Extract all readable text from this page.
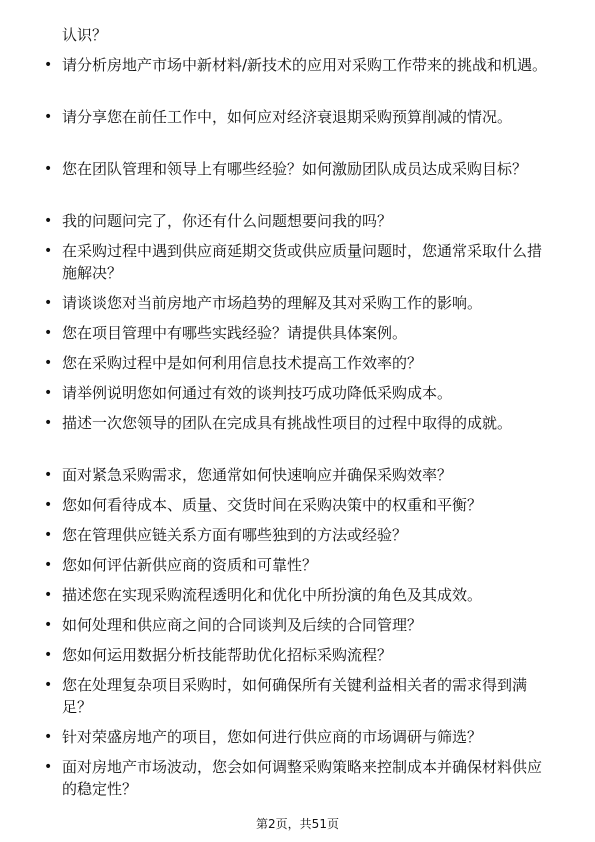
认识？

• 请分析房地产市场中新材料/新技术的应用对采购工作带来的挑战和机遇。
• 请分享您在前任工作中，如何应对经济衰退期采购预算削减的情况。
• 您在团队管理和领导上有哪些经验？如何激励团队成员达成采购目标？
• 我的问题问完了，你还有什么问题想要问我的吗？
• 在采购过程中遇到供应商延期交货或供应质量问题时，您通常采取什么措施解决？
• 请谈谈您对当前房地产市场趋势的理解及其对采购工作的影响。
• 您在项目管理中有哪些实践经验？请提供具体案例。
• 您在采购过程中是如何利用信息技术提高工作效率的？
• 请举例说明您如何通过有效的谈判技巧成功降低采购成本。
• 描述一次您领导的团队在完成具有挑战性项目的过程中取得的成就。
• 面对紧急采购需求，您通常如何快速响应并确保采购效率？
• 您如何看待成本、质量、交货时间在采购决策中的权重和平衡？
• 您在管理供应链关系方面有哪些独到的方法或经验？
• 您如何评估新供应商的资质和可靠性？
• 描述您在实现采购流程透明化和优化中所扮演的角色及其成效。
• 如何处理和供应商之间的合同谈判及后续的合同管理？
• 您如何运用数据分析技能帮助优化招标采购流程？
• 您在处理复杂项目采购时，如何确保所有关键利益相关者的需求得到满足？
• 针对荣盛房地产的项目，您如何进行供应商的市场调研与筛选？
• 面对房地产市场波动，您会如何调整采购策略来控制成本并确保材料供应的稳定性？
第2页，共51页
